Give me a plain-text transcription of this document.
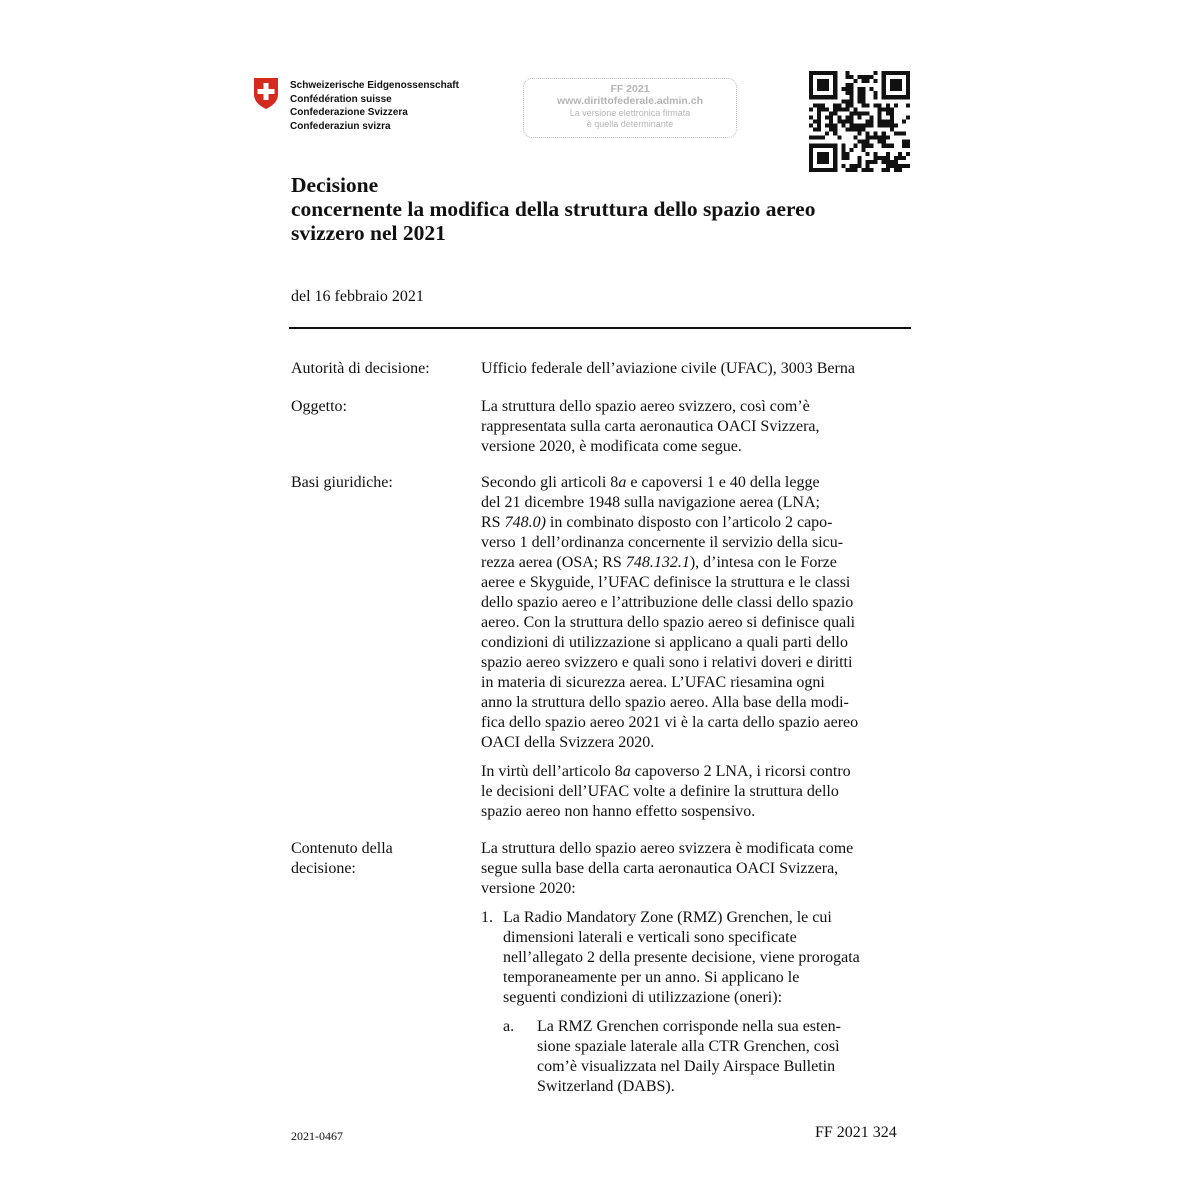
Schweizerische Eidgenossenschaft
Confédération suisse
Confederazione Svizzera
Confederaziun svizra
FF 2021
www.dirittofederale.admin.ch
La versione elettronica firmata
è quella determinante
Decisione
concernente la modifica della struttura dello spazio aereo
svizzero nel 2021
del 16 febbraio 2021
Autorità di decisione:	Ufficio federale dell’aviazione civile (UFAC), 3003 Berna
Oggetto:	La struttura dello spazio aereo svizzero, così com’è
rappresentata sulla carta aeronautica OACI Svizzera,
versione 2020, è modificata come segue.
Basi giuridiche:	Secondo gli articoli 8a e capoversi 1 e 40 della legge
del 21 dicembre 1948 sulla navigazione aerea (LNA;
RS 748.0) in combinato disposto con l’articolo 2 capo-
verso 1 dell’ordinanza concernente il servizio della sicu-
rezza aerea (OSA; RS 748.132.1), d’intesa con le Forze
aeree e Skyguide, l’UFAC definisce la struttura e le classi
dello spazio aereo e l’attribuzione delle classi dello spazio
aereo. Con la struttura dello spazio aereo si definisce quali
condizioni di utilizzazione si applicano a quali parti dello
spazio aereo svizzero e quali sono i relativi doveri e diritti
in materia di sicurezza aerea. L’UFAC riesamina ogni
anno la struttura dello spazio aereo. Alla base della modi-
fica dello spazio aereo 2021 vi è la carta dello spazio aereo
OACI della Svizzera 2020.
In virtù dell’articolo 8a capoverso 2 LNA, i ricorsi contro
le decisioni dell’UFAC volte a definire la struttura dello
spazio aereo non hanno effetto sospensivo.
Contenuto della
decisione:
La struttura dello spazio aereo svizzera è modificata come
segue sulla base della carta aeronautica OACI Svizzera,
versione 2020:
1. La Radio Mandatory Zone (RMZ) Grenchen, le cui
dimensioni laterali e verticali sono specificate
nell’allegato 2 della presente decisione, viene prorogata
temporaneamente per un anno. Si applicano le
seguenti condizioni di utilizzazione (oneri):
a. La RMZ Grenchen corrisponde nella sua esten-
sione spaziale laterale alla CTR Grenchen, così
com’è visualizzata nel Daily Airspace Bulletin
Switzerland (DABS).
2021-0467	FF 2021 324
